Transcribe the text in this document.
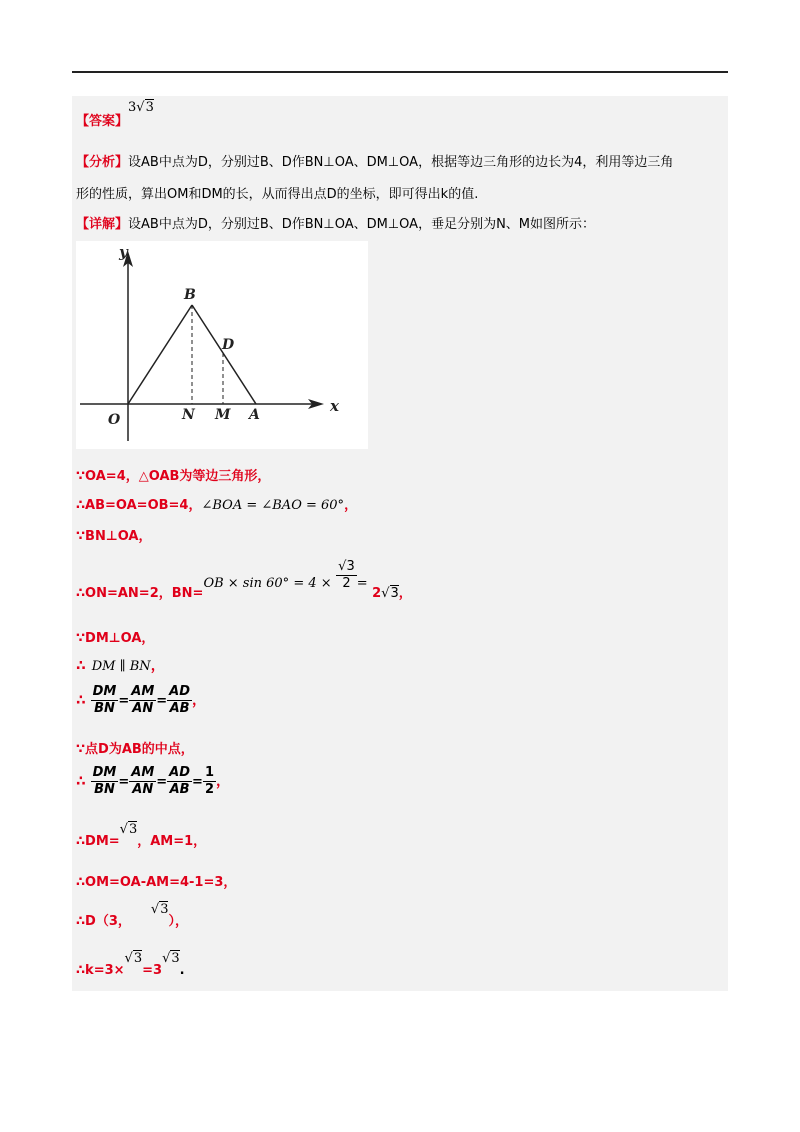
【答案】
3√3
【分析】设AB中点为D，分别过B、D作BN⊥OA、DM⊥OA，根据等边三角形的边长为4，利用等边三角
形的性质，算出OM和DM的长，从而得出点D的坐标，即可得出k的值.
【详解】设AB中点为D，分别过B、D作BN⊥OA、DM⊥OA，垂足分别为N、M如图所示：
y
x
O
B
D
N M A
∵OA=4，△OAB为等边三角形，
∴AB=OA=OB=4，∠BOA = ∠BAO = 60°，
∵BN⊥OA，
∴ON=AN=2，$BN=OB \times \sin 60^\circ = 4 \times \frac{√3}{2} = 2√3$，
∵DM⊥OA，
∴ DM ∥ BN，
∴ $\frac{DM}{BN} = \frac{AM}{AN} = \frac{AD}{AB}$ ，
∵点D为AB的中点，
∴ $\frac{DM}{BN} = \frac{AM}{AN} = \frac{AD}{AB} = \frac{1}{2}$ ，
∴DM=√3，AM=1，
∴OM=OA-AM=4-1=3，
∴D（3，√3），
∴k=3×√3=3√3.
